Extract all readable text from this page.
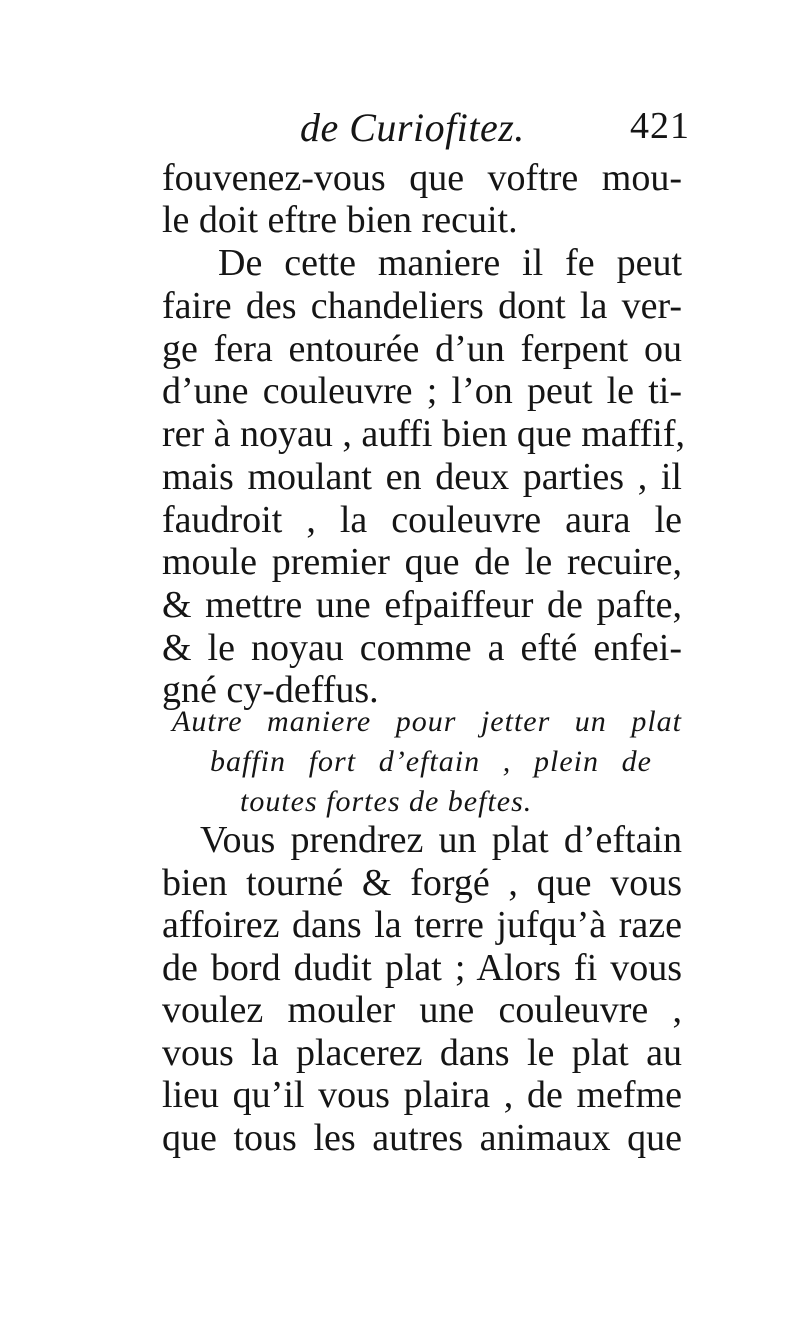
de Curiofitez.	421
fouvenez-vous que voftre mou-
le doit eftre bien recuit.
De cette maniere il fe peut
faire des chandeliers dont la ver-
ge fera entourée d’un ferpent ou
d’une couleuvre ; l’on peut le ti-
rer à noyau , auffi bien que maffif,
mais moulant en deux parties , il
faudroit , la couleuvre aura le
moule premier que de le recuire,
& mettre une efpaiffeur de pafte,
& le noyau comme a efté enfei-
gné cy-deffus.
Autre maniere pour jetter un plat
baffin fort d’eftain , plein de
toutes fortes de beftes.
Vous prendrez un plat d’eftain
bien tourné & forgé , que vous
affoirez dans la terre jufqu’à raze
de bord dudit plat ; Alors fi vous
voulez mouler une couleuvre ,
vous la placerez dans le plat au
lieu qu’il vous plaira , de mefme
que tous les autres animaux que
